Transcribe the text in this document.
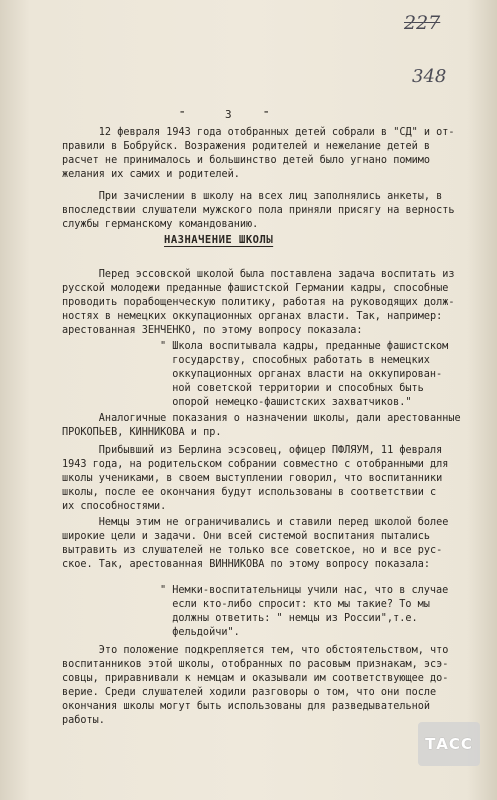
227
348
-	3 -
12 февраля 1943 года отобранных детей собрали в "СД" и от-
правили в Бобруйск. Возражения родителей и нежелание детей в
расчет не принималось и большинство детей было угнано помимо
желания их самих и родителей.
При зачислении в школу на всех лиц заполнялись анкеты, в
впоследствии слушатели мужского пола приняли присягу на верность
службы германскому командованию.
НАЗНАЧЕНИЕ ШКОЛЫ
Перед эссовской школой была поставлена задача воспитать из
русской молодежи преданные фашистской Германии кадры, способные
проводить порабощенческую политику, работая на руководящих долж-
ностях в немецких оккупационных органах власти. Так, например:
арестованная ЗЕНЧЕНКО, по этому вопросу показала:
" Школа воспитывала кадры, преданные фашистском
государству, способных работать в немецких
оккупационных органах власти на оккупирован-
ной советской территории и способных быть
опорой немецко-фашистских захватчиков."
Аналогичные показания о назначении школы, дали арестованные
ПРОКОПЬЕВ, КИННИКОВА и пр.
Прибывший из Берлина эсэсовец, офицер ПФЛЯУМ, 11 февраля
1943 года, на родительском собрании совместно с отобранными для
школы учениками, в своем выступлении говорил, что воспитанники
школы, после ее окончания будут использованы в соответствии с
их способностями.
Немцы этим не ограничивались и ставили перед школой более
широкие цели и задачи. Они всей системой воспитания пытались
вытравить из слушателей не только все советское, но и все рус-
ское. Так, арестованная ВИННИКОВА по этому вопросу показала:
" Немки-воспитательницы учили нас, что в случае
если кто-либо спросит: кто мы такие? То мы
должны ответить: " немцы из России",т.е.
фельдойчи".
Это положение подкрепляется тем, что обстоятельством, что
воспитанников этой школы, отобранных по расовым признакам, эсэ-
совцы, приравнивали к немцам и оказывали им соответствующее до-
верие. Среди слушателей ходили разговоры о том, что они после
окончания школы могут быть использованы для разведывательной
работы.
ТАСС
